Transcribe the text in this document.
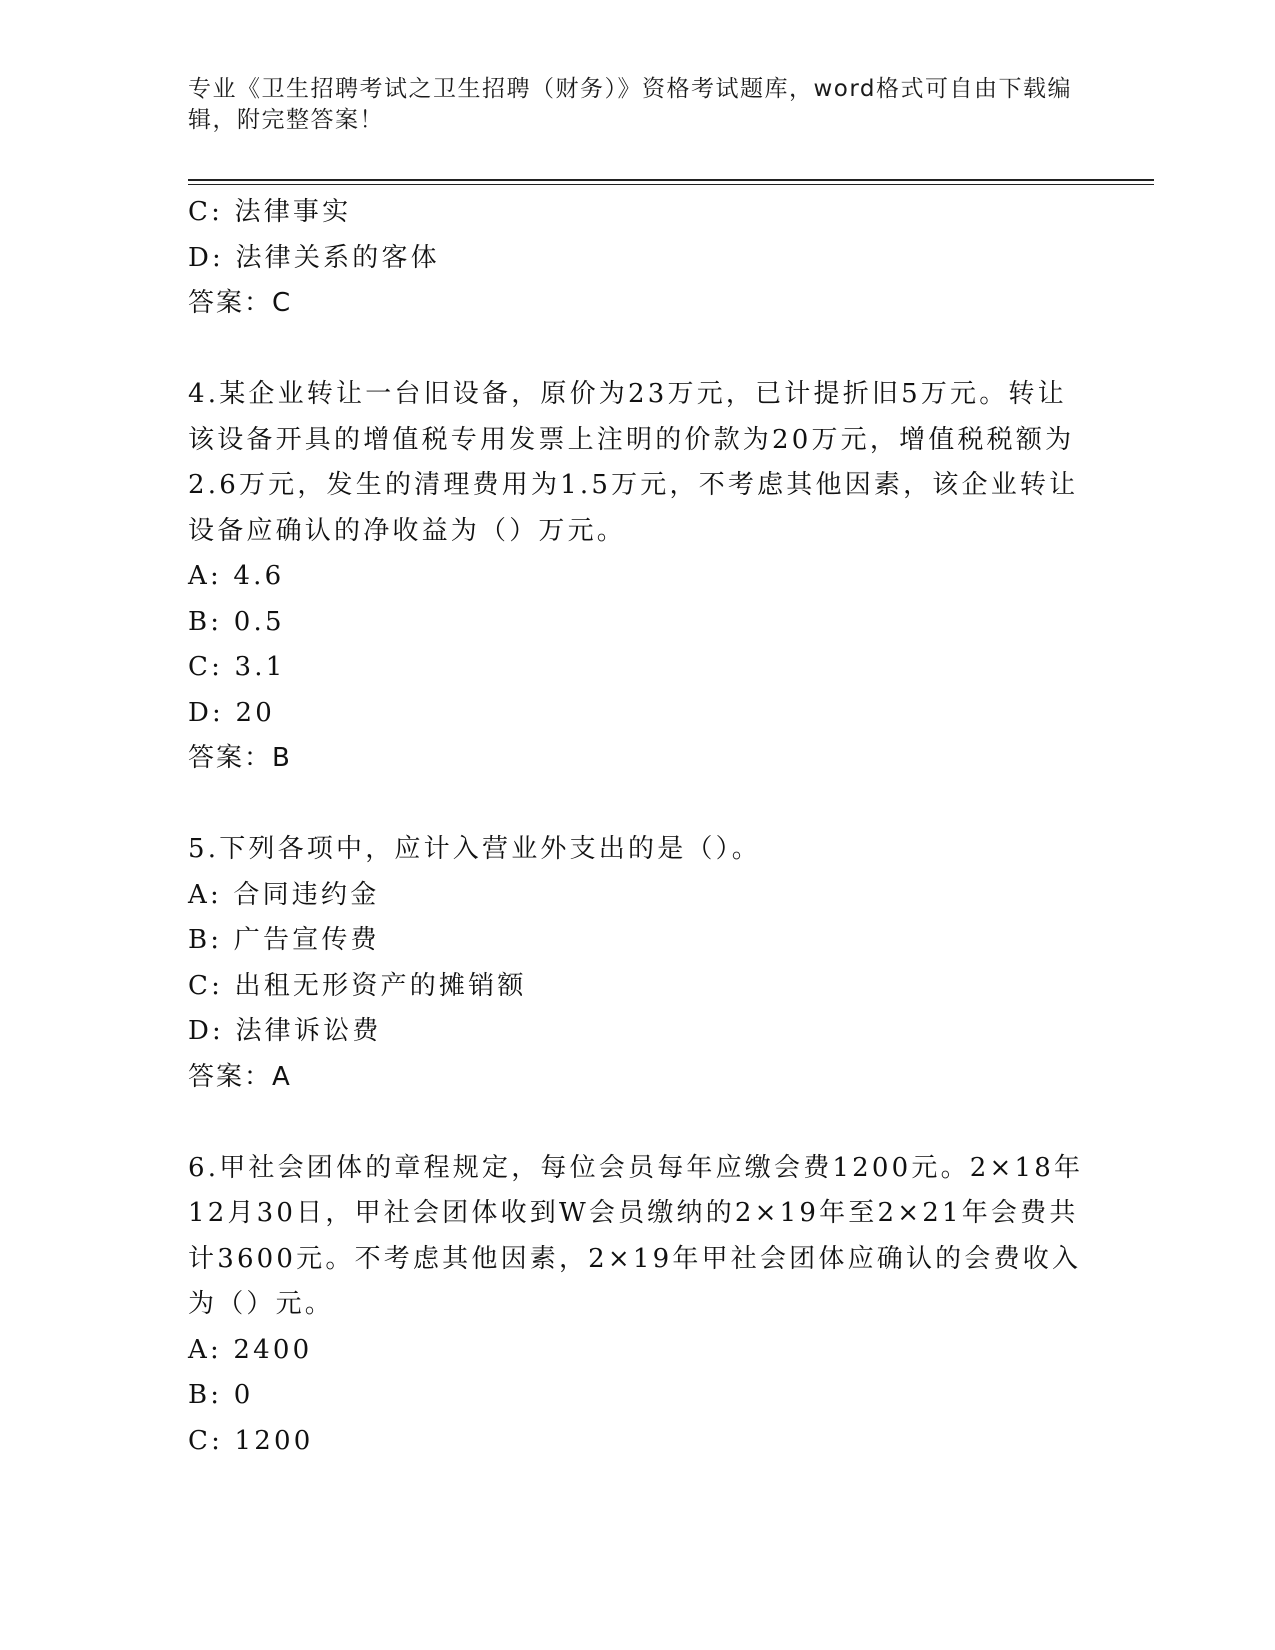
专业《卫生招聘考试之卫生招聘（财务）》资格考试题库，word格式可自由下载编辑，附完整答案！
C: 法律事实
D: 法律关系的客体
答案：C
4.某企业转让一台旧设备，原价为23万元，已计提折旧5万元。转让该设备开具的增值税专用发票上注明的价款为20万元，增值税税额为2.6万元，发生的清理费用为1.5万元，不考虑其他因素，该企业转让设备应确认的净收益为（）万元。
A: 4.6
B: 0.5
C: 3.1
D: 20
答案：B
5.下列各项中，应计入营业外支出的是（）。
A: 合同违约金
B: 广告宣传费
C: 出租无形资产的摊销额
D: 法律诉讼费
答案：A
6.甲社会团体的章程规定，每位会员每年应缴会费1200元。2×18年12月30日，甲社会团体收到W会员缴纳的2×19年至2×21年会费共计3600元。不考虑其他因素，2×19年甲社会团体应确认的会费收入为（）元。
A: 2400
B: 0
C: 1200
